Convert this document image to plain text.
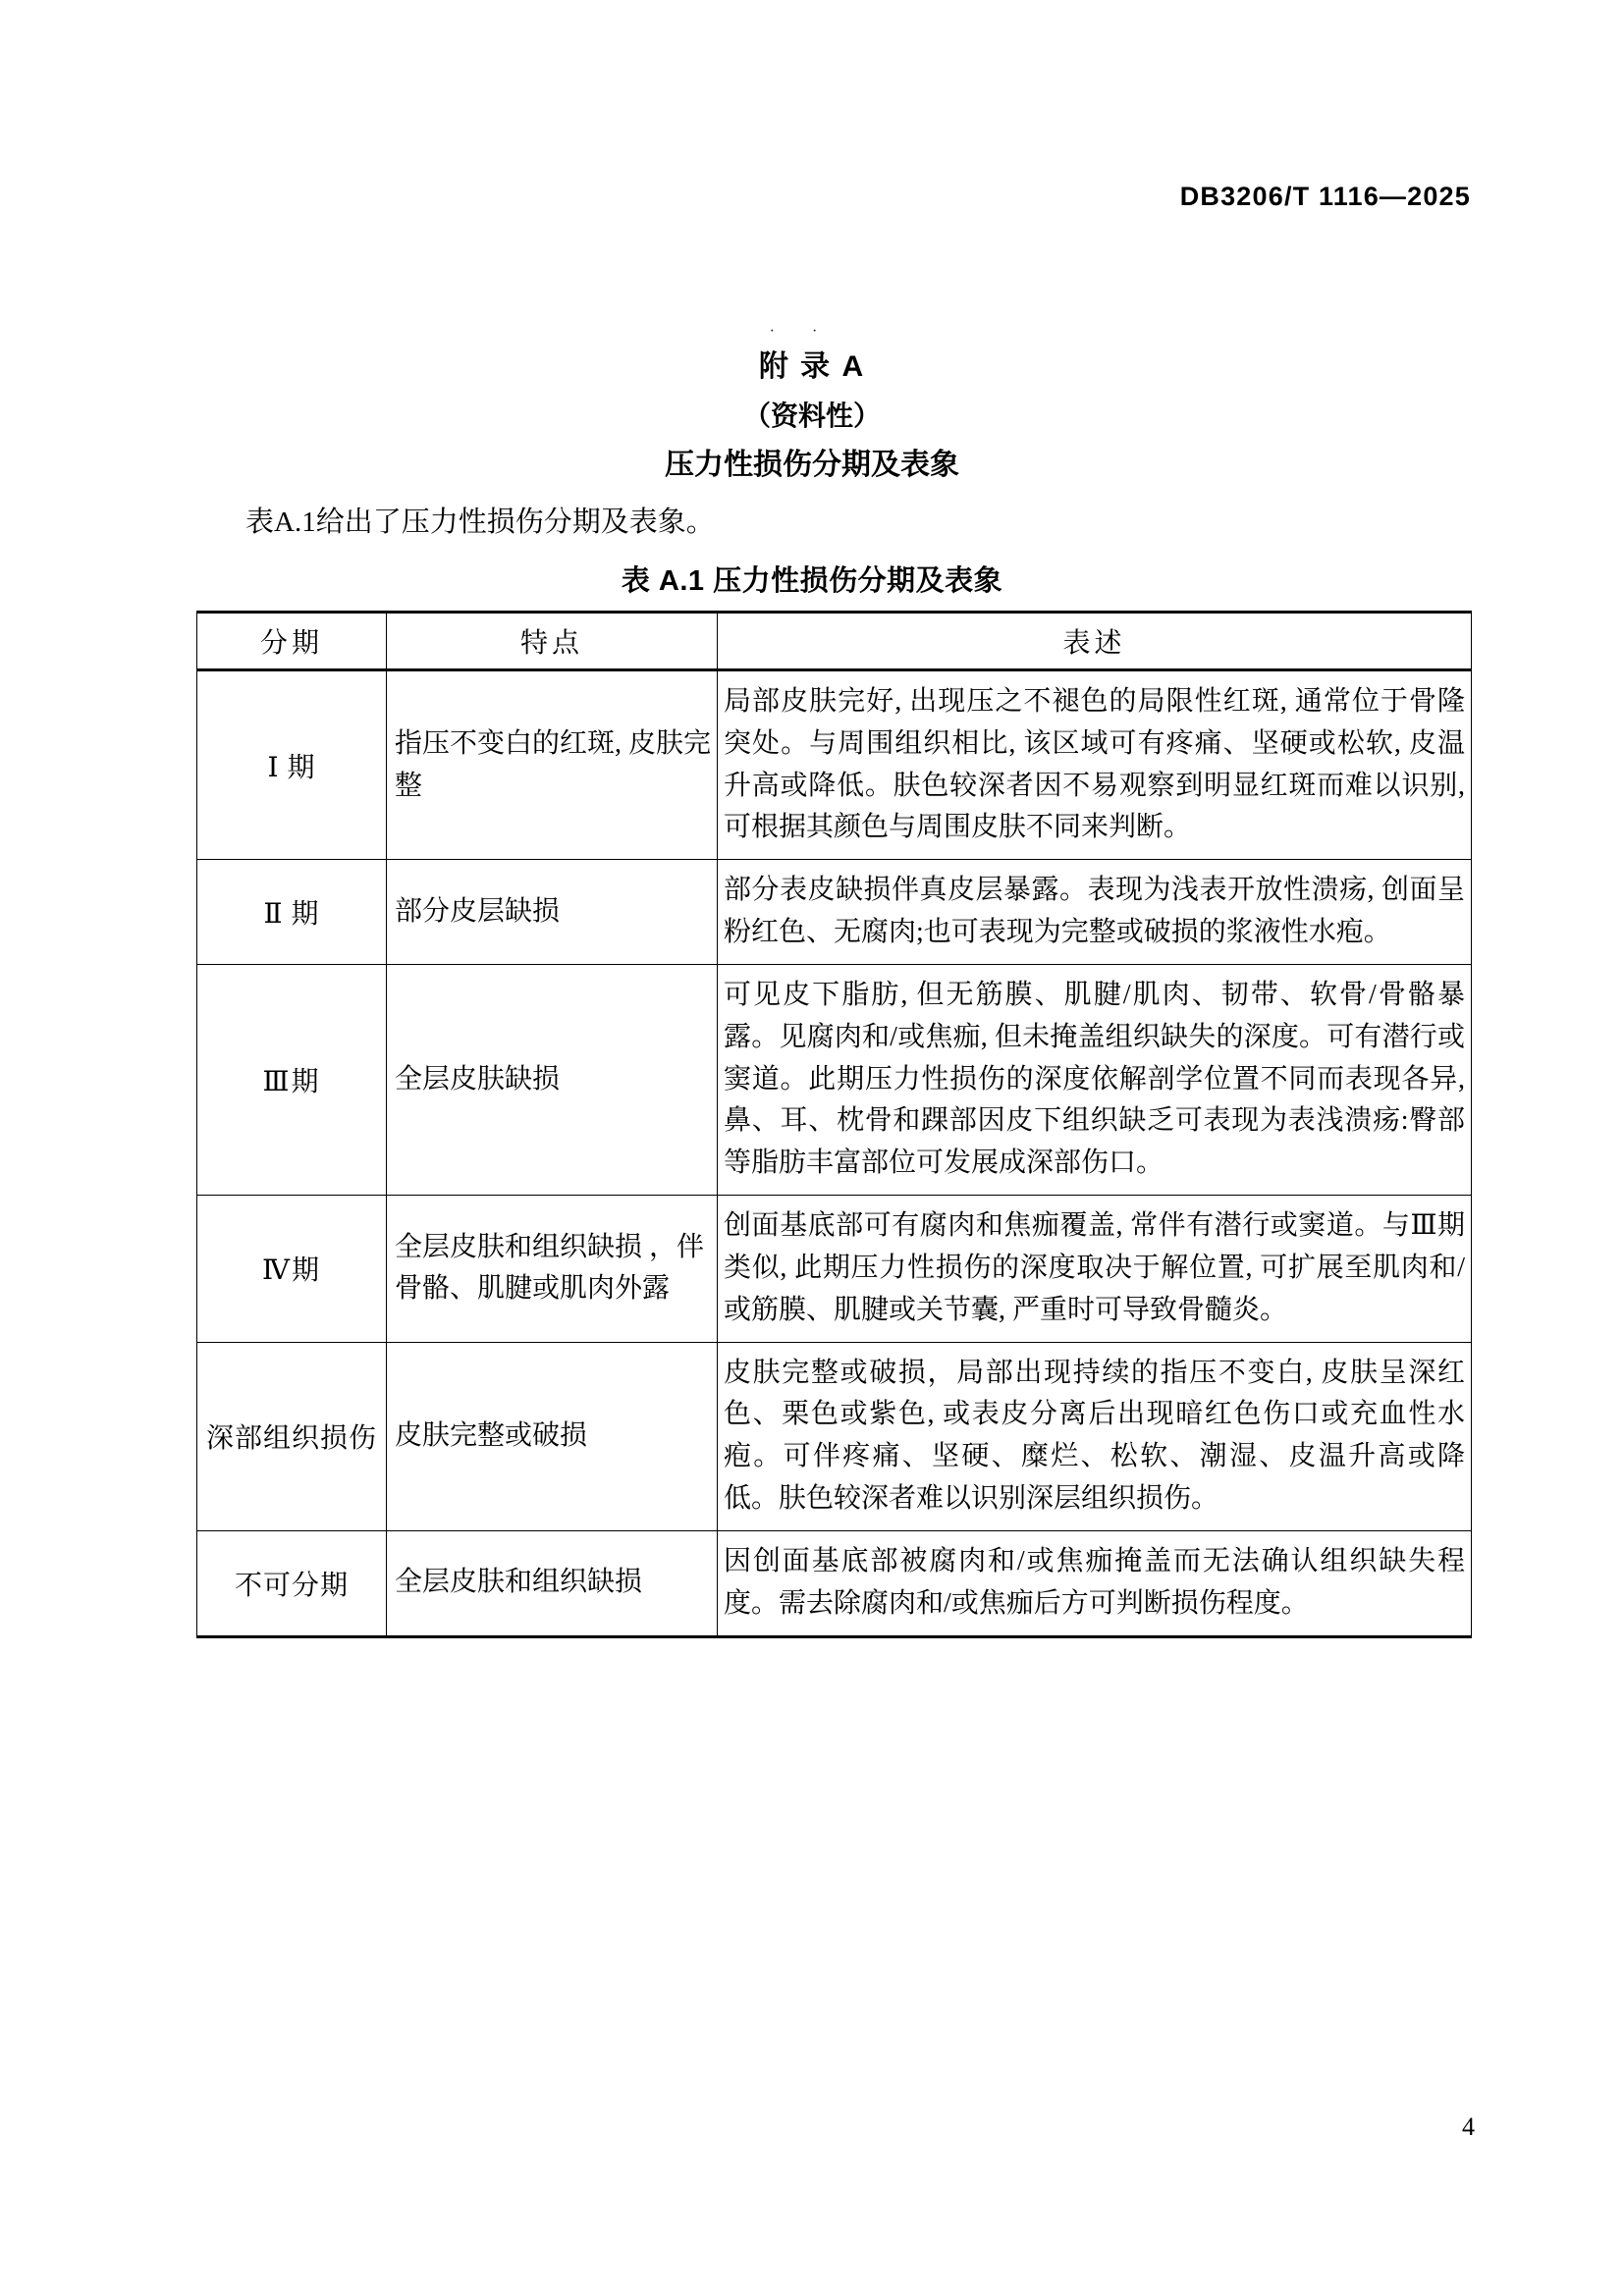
DB3206/T 1116—2025
··
附 录 A
（资料性）
压力性损伤分期及表象
表A.1给出了压力性损伤分期及表象。
表 A.1 压力性损伤分期及表象
分期	特点	表述
Ⅰ 期	指压不变白的红斑, 皮肤完整	局部皮肤完好, 出现压之不褪色的局限性红斑, 通常位于骨隆突处。与周围组织相比, 该区域可有疼痛、坚硬或松软, 皮温升高或降低。肤色较深者因不易观察到明显红斑而难以识别, 可根据其颜色与周围皮肤不同来判断。
Ⅱ 期	部分皮层缺损	部分表皮缺损伴真皮层暴露。表现为浅表开放性溃疡, 创面呈粉红色、无腐肉;也可表现为完整或破损的浆液性水疱。
Ⅲ期	全层皮肤缺损	可见皮下脂肪, 但无筋膜、肌腱/肌肉、韧带、软骨/骨骼暴露。见腐肉和/或焦痂, 但未掩盖组织缺失的深度。可有潜行或窦道。此期压力性损伤的深度依解剖学位置不同而表现各异, 鼻、耳、枕骨和踝部因皮下组织缺乏可表现为表浅溃疡:臀部等脂肪丰富部位可发展成深部伤口。
Ⅳ期	全层皮肤和组织缺损 ，伴骨骼、肌腱或肌肉外露	创面基底部可有腐肉和焦痂覆盖, 常伴有潜行或窦道。与Ⅲ期类似, 此期压力性损伤的深度取决于解位置, 可扩展至肌肉和/或筋膜、肌腱或关节囊, 严重时可导致骨髓炎。
深部组织损伤	皮肤完整或破损	皮肤完整或破损，局部出现持续的指压不变白, 皮肤呈深红色、栗色或紫色, 或表皮分离后出现暗红色伤口或充血性水疱。可伴疼痛、坚硬、糜烂、松软、潮湿、皮温升高或降低。肤色较深者难以识别深层组织损伤。
不可分期	全层皮肤和组织缺损	因创面基底部被腐肉和/或焦痂掩盖而无法确认组织缺失程度。需去除腐肉和/或焦痂后方可判断损伤程度。
4
